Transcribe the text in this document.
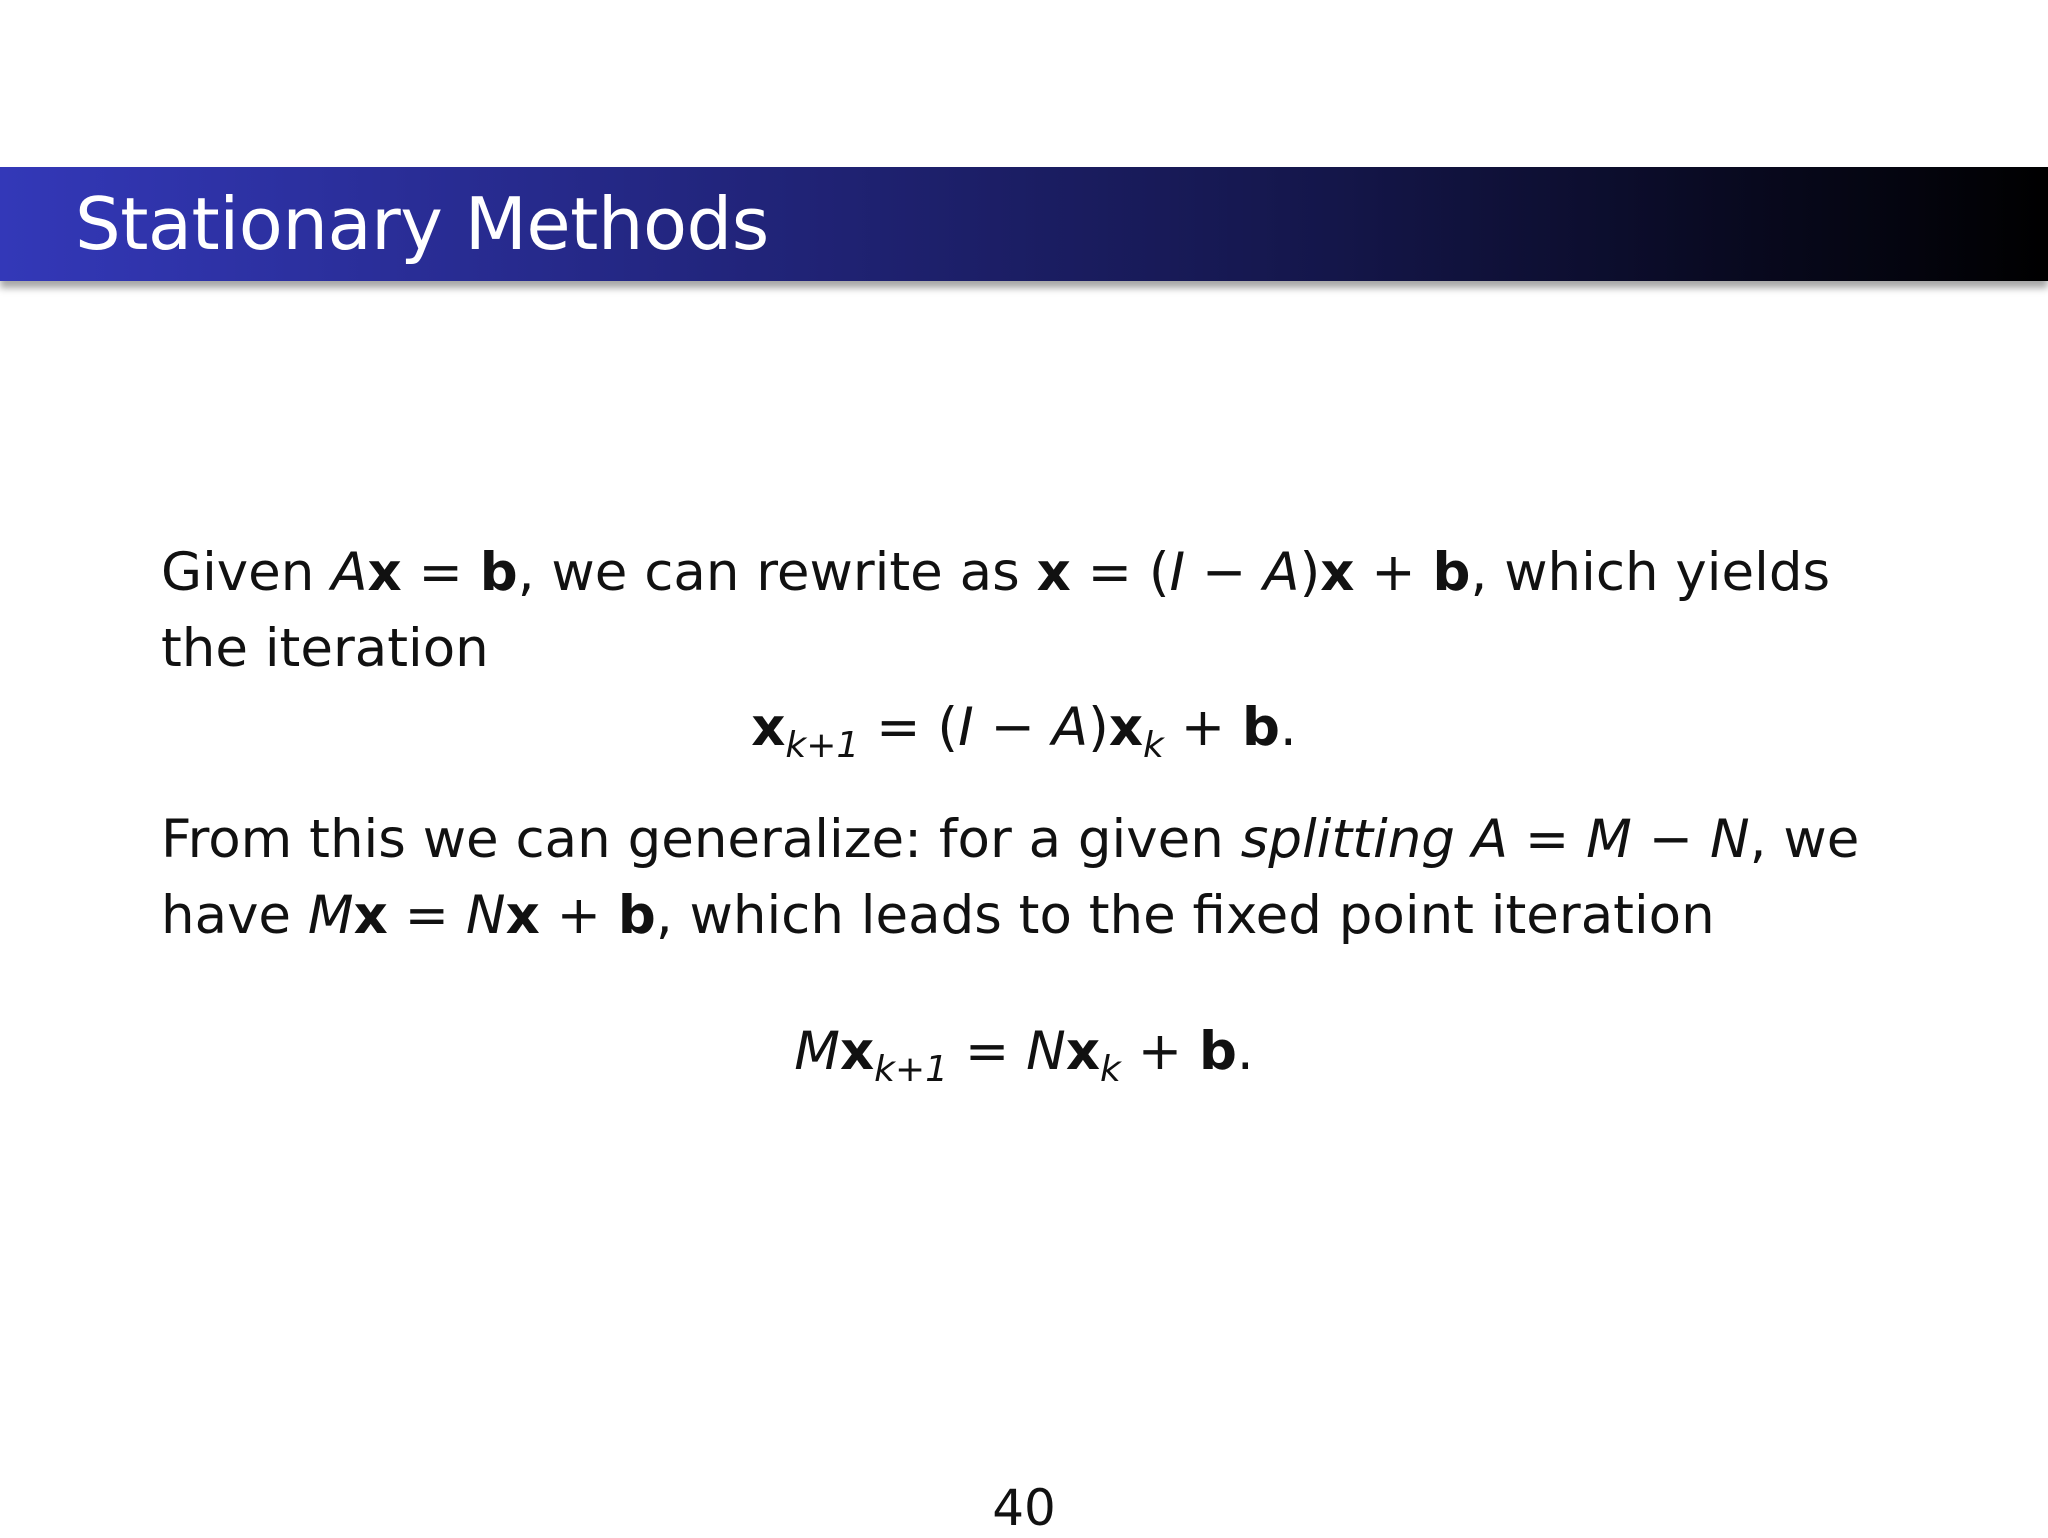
Stationary Methods
Given Ax = b, we can rewrite as x = (I − A)x + b, which yields
the iteration
$x_{k+1} = (I - A)x_k + b$.
From this we can generalize: for a given splitting A = M − N, we
have Mx = Nx + b, which leads to the fixed point iteration
$Mx_{k+1} = Nx_k + b$.
40
